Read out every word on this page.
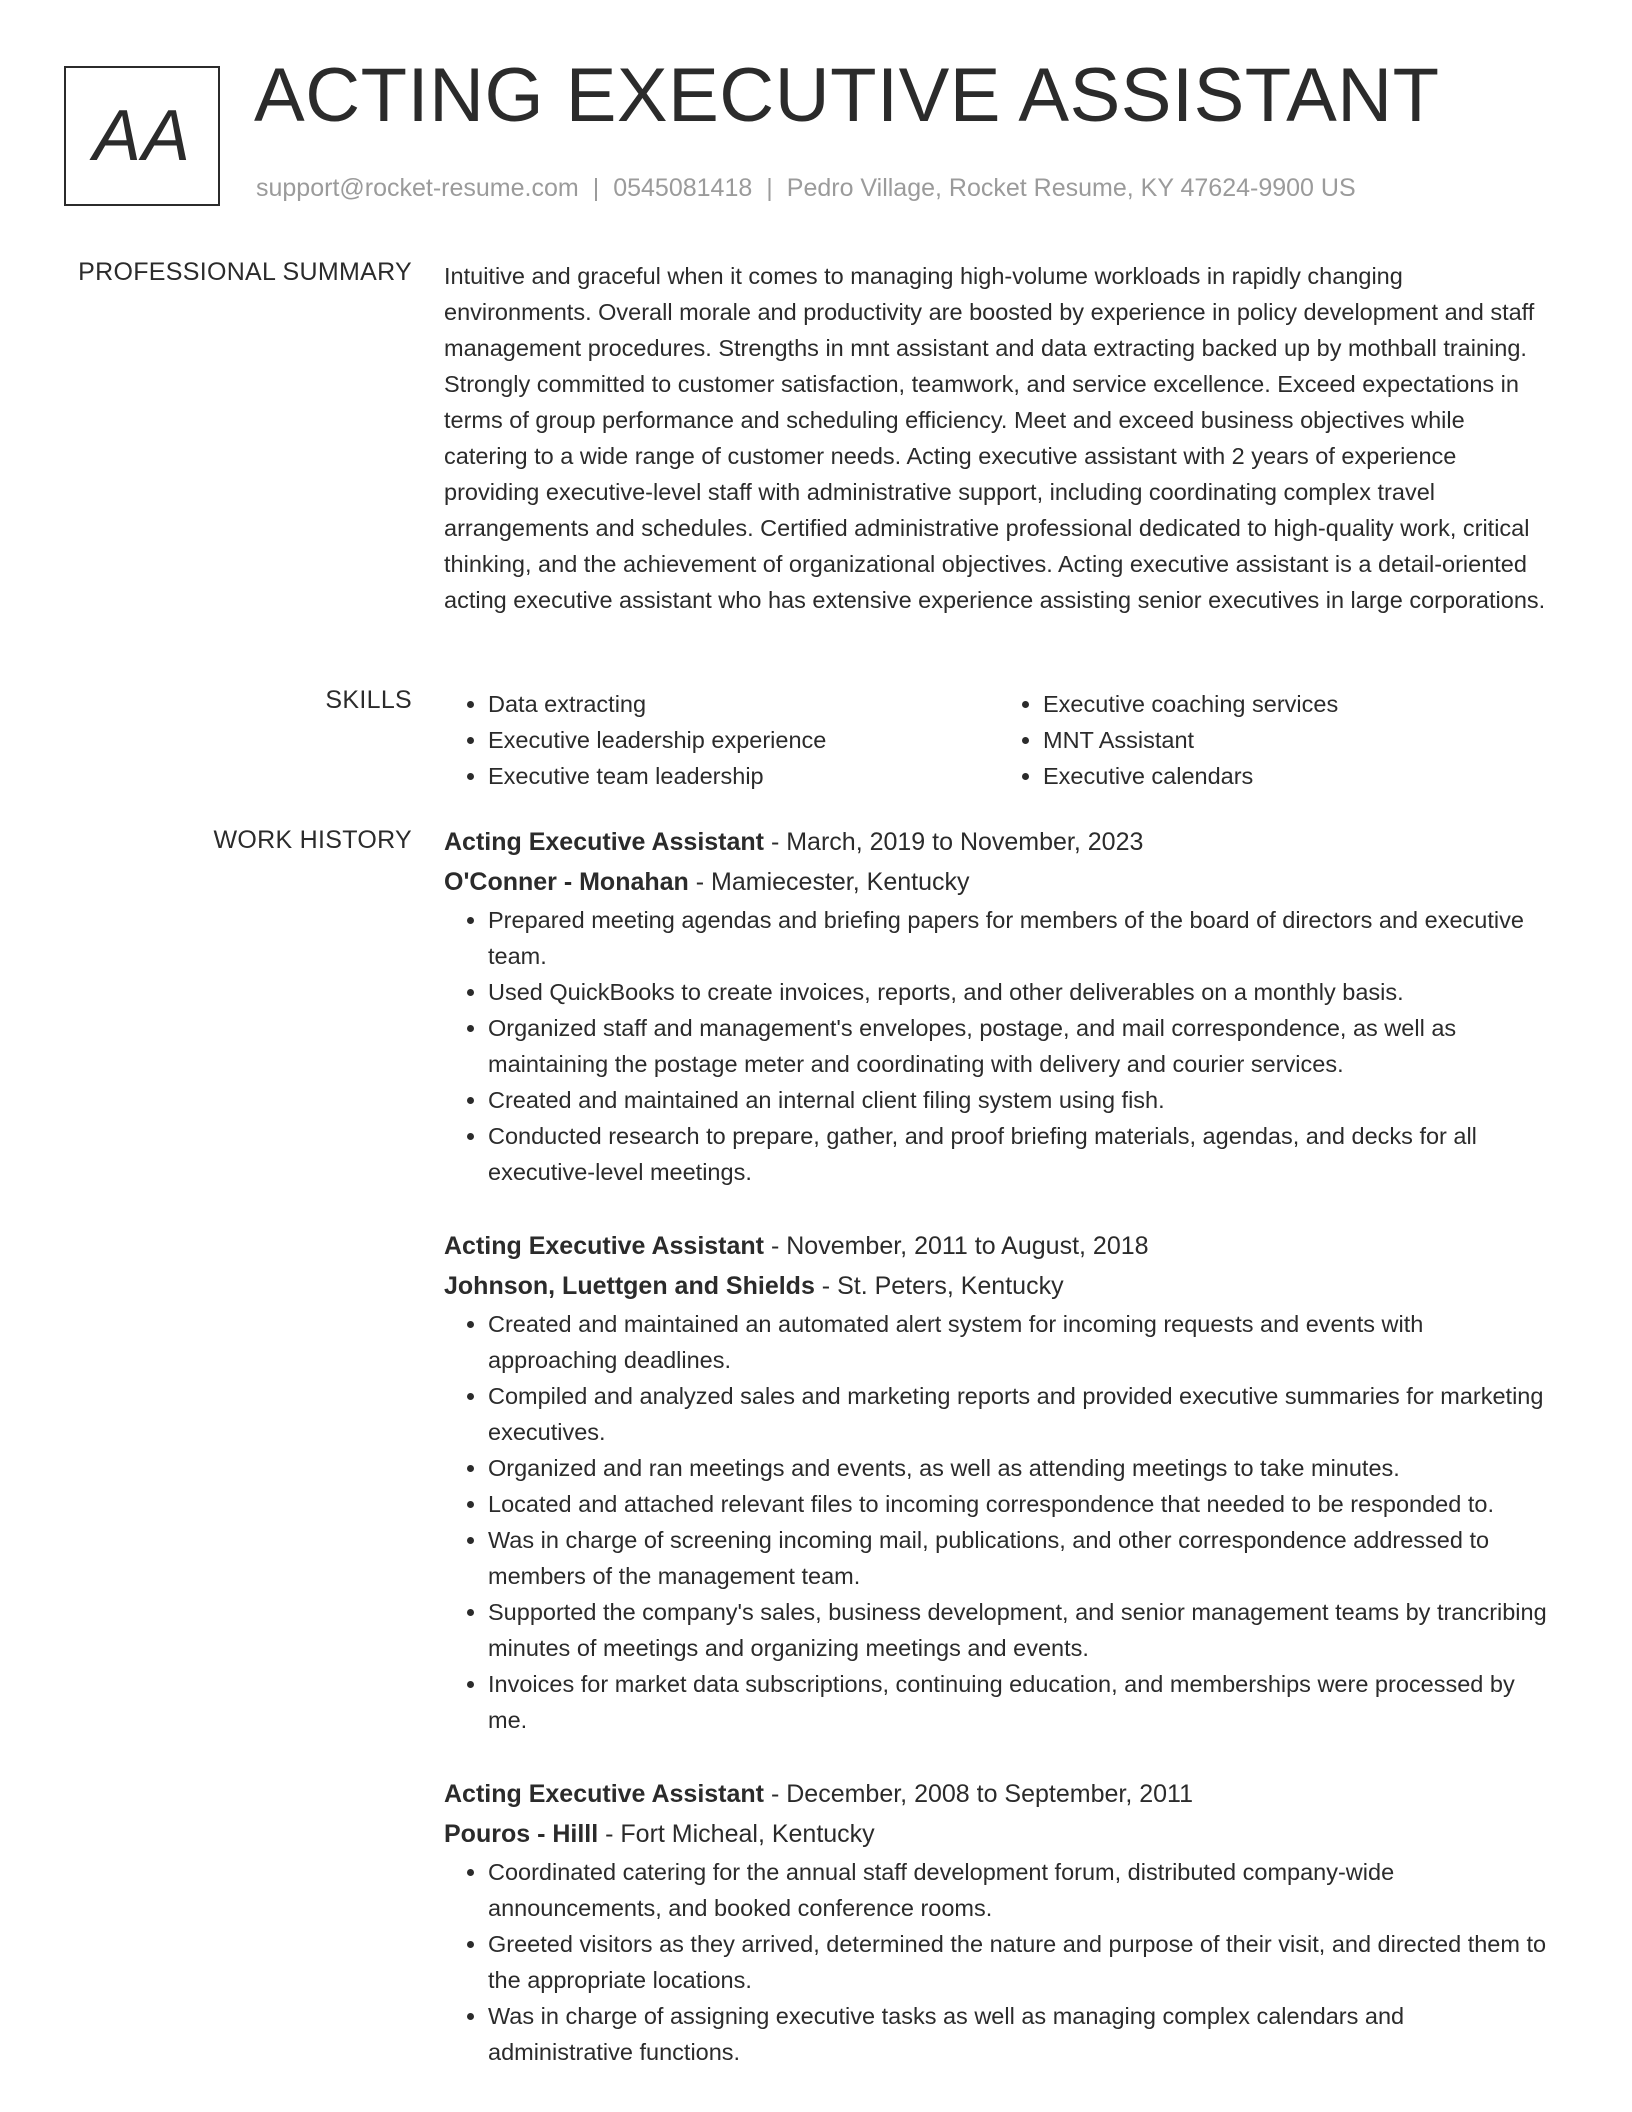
AA ACTING EXECUTIVE ASSISTANT
support@rocket-resume.com | 0545081418 | Pedro Village, Rocket Resume, KY 47624-9900 US
PROFESSIONAL SUMMARY Intuitive and graceful when it comes to managing high-volume workloads in rapidly changing environments. Overall morale and productivity are boosted by experience in policy development and staff management procedures. Strengths in mnt assistant and data extracting backed up by mothball training. Strongly committed to customer satisfaction, teamwork, and service excellence. Exceed expectations in terms of group performance and scheduling efficiency. Meet and exceed business objectives while catering to a wide range of customer needs. Acting executive assistant with 2 years of experience providing executive-level staff with administrative support, including coordinating complex travel arrangements and schedules. Certified administrative professional dedicated to high-quality work, critical thinking, and the achievement of organizational objectives. Acting executive assistant is a detail-oriented acting executive assistant who has extensive experience assisting senior executives in large corporations.

SKILLS
•	Data extracting
• Executive leadership experience
• Executive team leadership
• Executive coaching services
• MNT Assistant
• Executive calendars
WORK HISTORY Acting Executive Assistant - March, 2019 to November, 2023
O'Conner - Monahan - Mamiecester, Kentucky
• Prepared meeting agendas and briefing papers for members of the board of directors and executive team.
• Used QuickBooks to create invoices, reports, and other deliverables on a monthly basis.
• Organized staff and management's envelopes, postage, and mail correspondence, as well as maintaining the postage meter and coordinating with delivery and courier services.
• Created and maintained an internal client filing system using fish.
• Conducted research to prepare, gather, and proof briefing materials, agendas, and decks for all executive-level meetings.
Acting Executive Assistant - November, 2011 to August, 2018
Johnson, Luettgen and Shields - St. Peters, Kentucky
• Created and maintained an automated alert system for incoming requests and events with approaching deadlines.
• Compiled and analyzed sales and marketing reports and provided executive summaries for marketing executives.
• Organized and ran meetings and events, as well as attending meetings to take minutes.
• Located and attached relevant files to incoming correspondence that needed to be responded to.
• Was in charge of screening incoming mail, publications, and other correspondence addressed to members of the management team.
• Supported the company's sales, business development, and senior management teams by trancribing minutes of meetings and organizing meetings and events.
• Invoices for market data subscriptions, continuing education, and memberships were processed by me.
Acting Executive Assistant - December, 2008 to September, 2011
Pouros - Hilll - Fort Micheal, Kentucky
• Coordinated catering for the annual staff development forum, distributed company-wide announcements, and booked conference rooms.
• Greeted visitors as they arrived, determined the nature and purpose of their visit, and directed them to the appropriate locations.
• Was in charge of assigning executive tasks as well as managing complex calendars and administrative functions.
